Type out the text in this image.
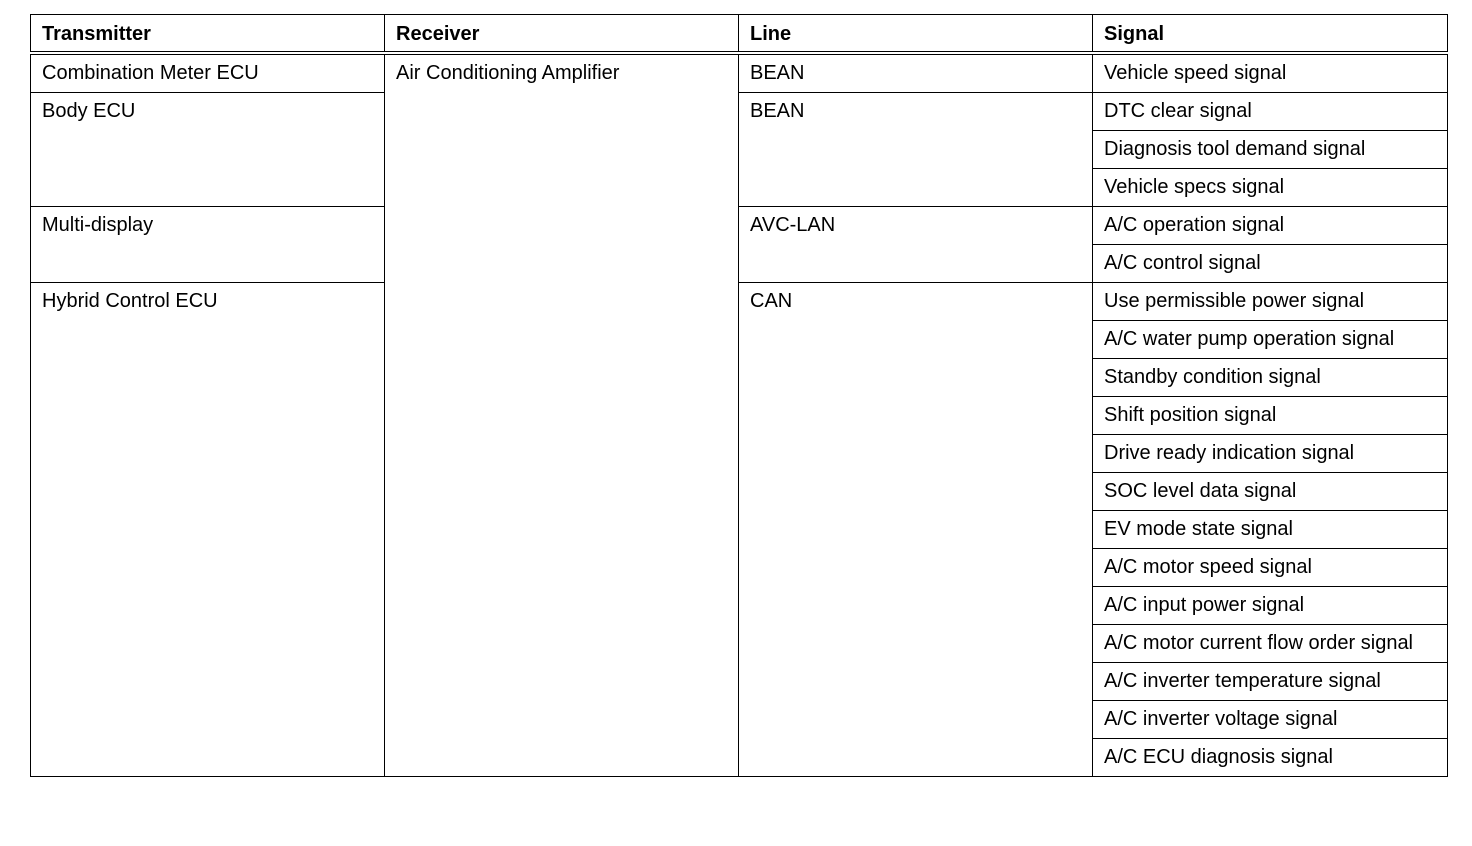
Transmitter	Receiver	Line	Signal
Combination Meter ECU	Air Conditioning Amplifier	BEAN	Vehicle speed signal
Body ECU		BEAN	DTC clear signal
			Diagnosis tool demand signal
			Vehicle specs signal
Multi-display		AVC-LAN	A/C operation signal
			A/C control signal
Hybrid Control ECU		CAN	Use permissible power signal
			A/C water pump operation signal
			Standby condition signal
			Shift position signal
			Drive ready indication signal
			SOC level data signal
			EV mode state signal
			A/C motor speed signal
			A/C input power signal
			A/C motor current flow order signal
			A/C inverter temperature signal
			A/C inverter voltage signal
			A/C ECU diagnosis signal
